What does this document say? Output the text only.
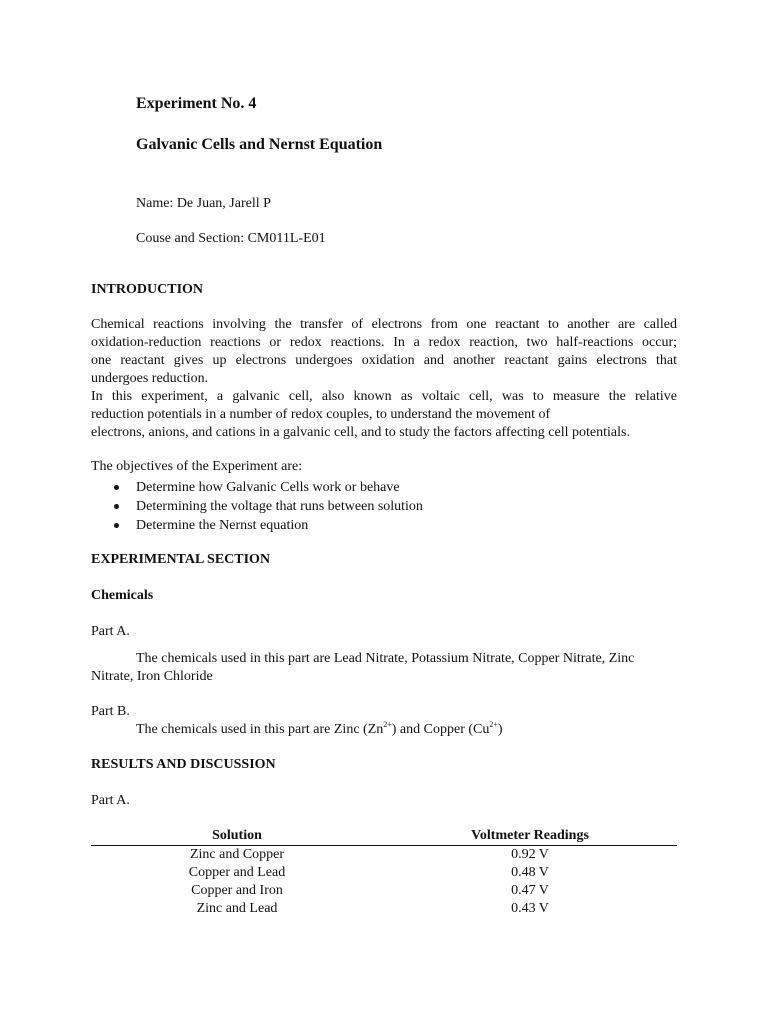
Experiment No. 4
Galvanic Cells and Nernst Equation
Name: De Juan, Jarell P
Couse and Section: CM011L-E01
INTRODUCTION
Chemical reactions involving the transfer of electrons from one reactant to another are called
oxidation-reduction reactions or redox reactions. In a redox reaction, two half-reactions occur;
one reactant gives up electrons undergoes oxidation and another reactant gains electrons that
undergoes reduction.
In this experiment, a galvanic cell, also known as voltaic cell, was to measure the relative
reduction potentials in a number of redox couples, to understand the movement of
electrons, anions, and cations in a galvanic cell, and to study the factors affecting cell potentials.
The objectives of the Experiment are:
Determine how Galvanic Cells work or behave
Determining the voltage that runs between solution
Determine the Nernst equation
EXPERIMENTAL SECTION
Chemicals
Part A.
The chemicals used in this part are Lead Nitrate, Potassium Nitrate, Copper Nitrate, Zinc
Nitrate, Iron Chloride
Part B.
The chemicals used in this part are Zinc $(Zn^{2+})$ and Copper $(Cu^{2+})$
RESULTS AND DISCUSSION
Part A.
Solution	Voltmeter Readings
Zinc and Copper	0.92 V
Copper and Lead	0.48 V
Copper and Iron	0.47 V
Zinc and Lead	0.43 V
